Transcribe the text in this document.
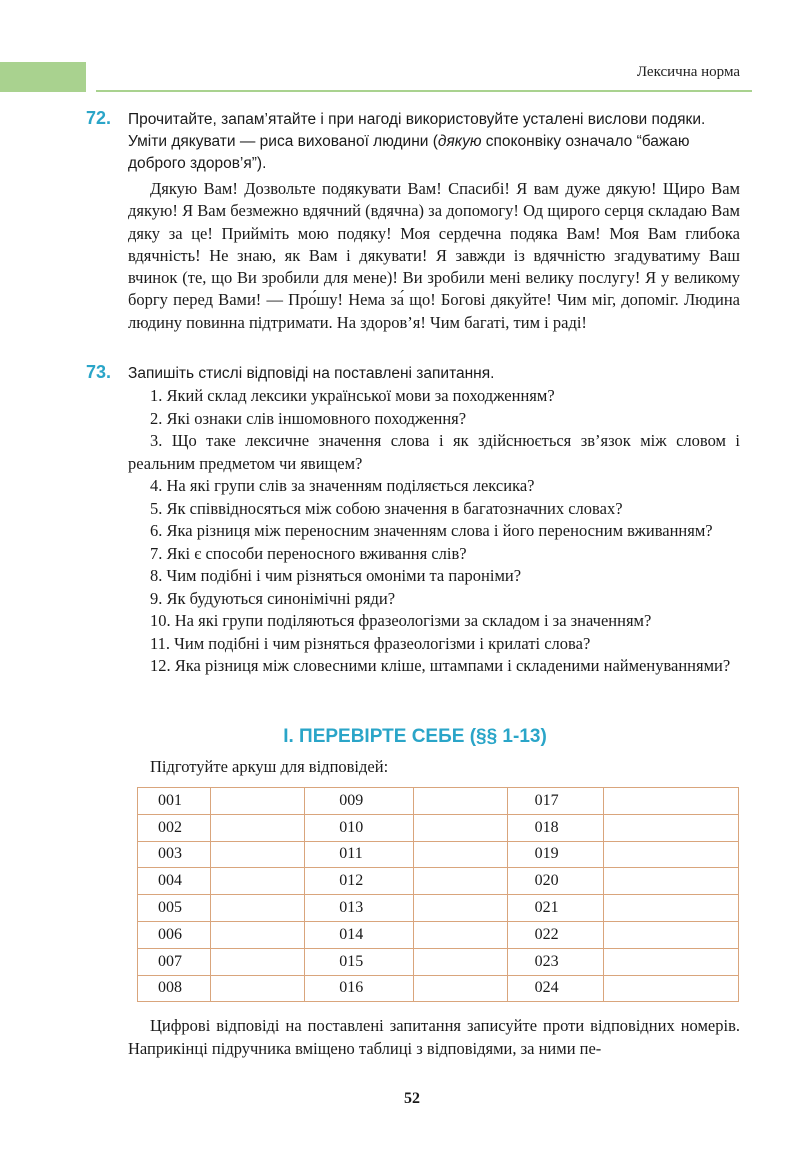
Лексична норма
72. Прочитайте, запам’ятайте і при нагоді використовуйте усталені вислови подяки.
Уміти дякувати — риса вихованої людини (дякую споконвіку означало “бажаю
доброго здоров’я”).
Дякую Вам! Дозвольте подякувати Вам! Спасибі! Я вам дуже дякую! Щиро Вам дякую! Я Вам безмежно вдячний (вдячна) за допомогу! Од щирого серця складаю Вам дяку за це! Прийміть мою подяку! Моя сердечна подяка Вам! Моя Вам глибока вдячність! Не знаю, як Вам і дякувати! Я завжди із вдячністю згадуватиму Ваш вчинок (те, що Ви зробили для мене)! Ви зробили мені велику послугу! Я у великому боргу перед Вами! — Про́шу! Нема за́ що! Богові дякуйте! Чим міг, допоміг. Людина людину повинна підтримати. На здоров’я! Чим багаті, тим і раді!
73. Запишіть стислі відповіді на поставлені запитання.
1. Який склад лексики української мови за походженням?
2. Які ознаки слів іншомовного походження?
3. Що таке лексичне значення слова і як здійснюється зв’язок між словом і реальним предметом чи явищем?
4. На які групи слів за значенням поділяється лексика?
5. Як співвідносяться між собою значення в багатозначних словах?
6. Яка різниця між переносним значенням слова і його переносним вживанням?
7. Які є способи переносного вживання слів?
8. Чим подібні і чим різняться омоніми та пароніми?
9. Як будуються синонімічні ряди?
10. На які групи поділяються фразеологізми за складом і за значенням?
11. Чим подібні і чим різняться фразеологізми і крилаті слова?
12. Яка різниця між словесними кліше, штампами і складеними найменуваннями?
І. ПЕРЕВІРТЕ СЕБЕ (§§ 1-13)
Підготуйте аркуш для відповідей:
001		009		017	
002		010		018	
003		011		019	
004		012		020	
005		013		021	
006		014		022	
007		015		023	
008		016		024	
Цифрові відповіді на поставлені запитання записуйте проти відповідних номерів. Наприкінці підручника вміщено таблиці з відповідями, за ними пе-
52
